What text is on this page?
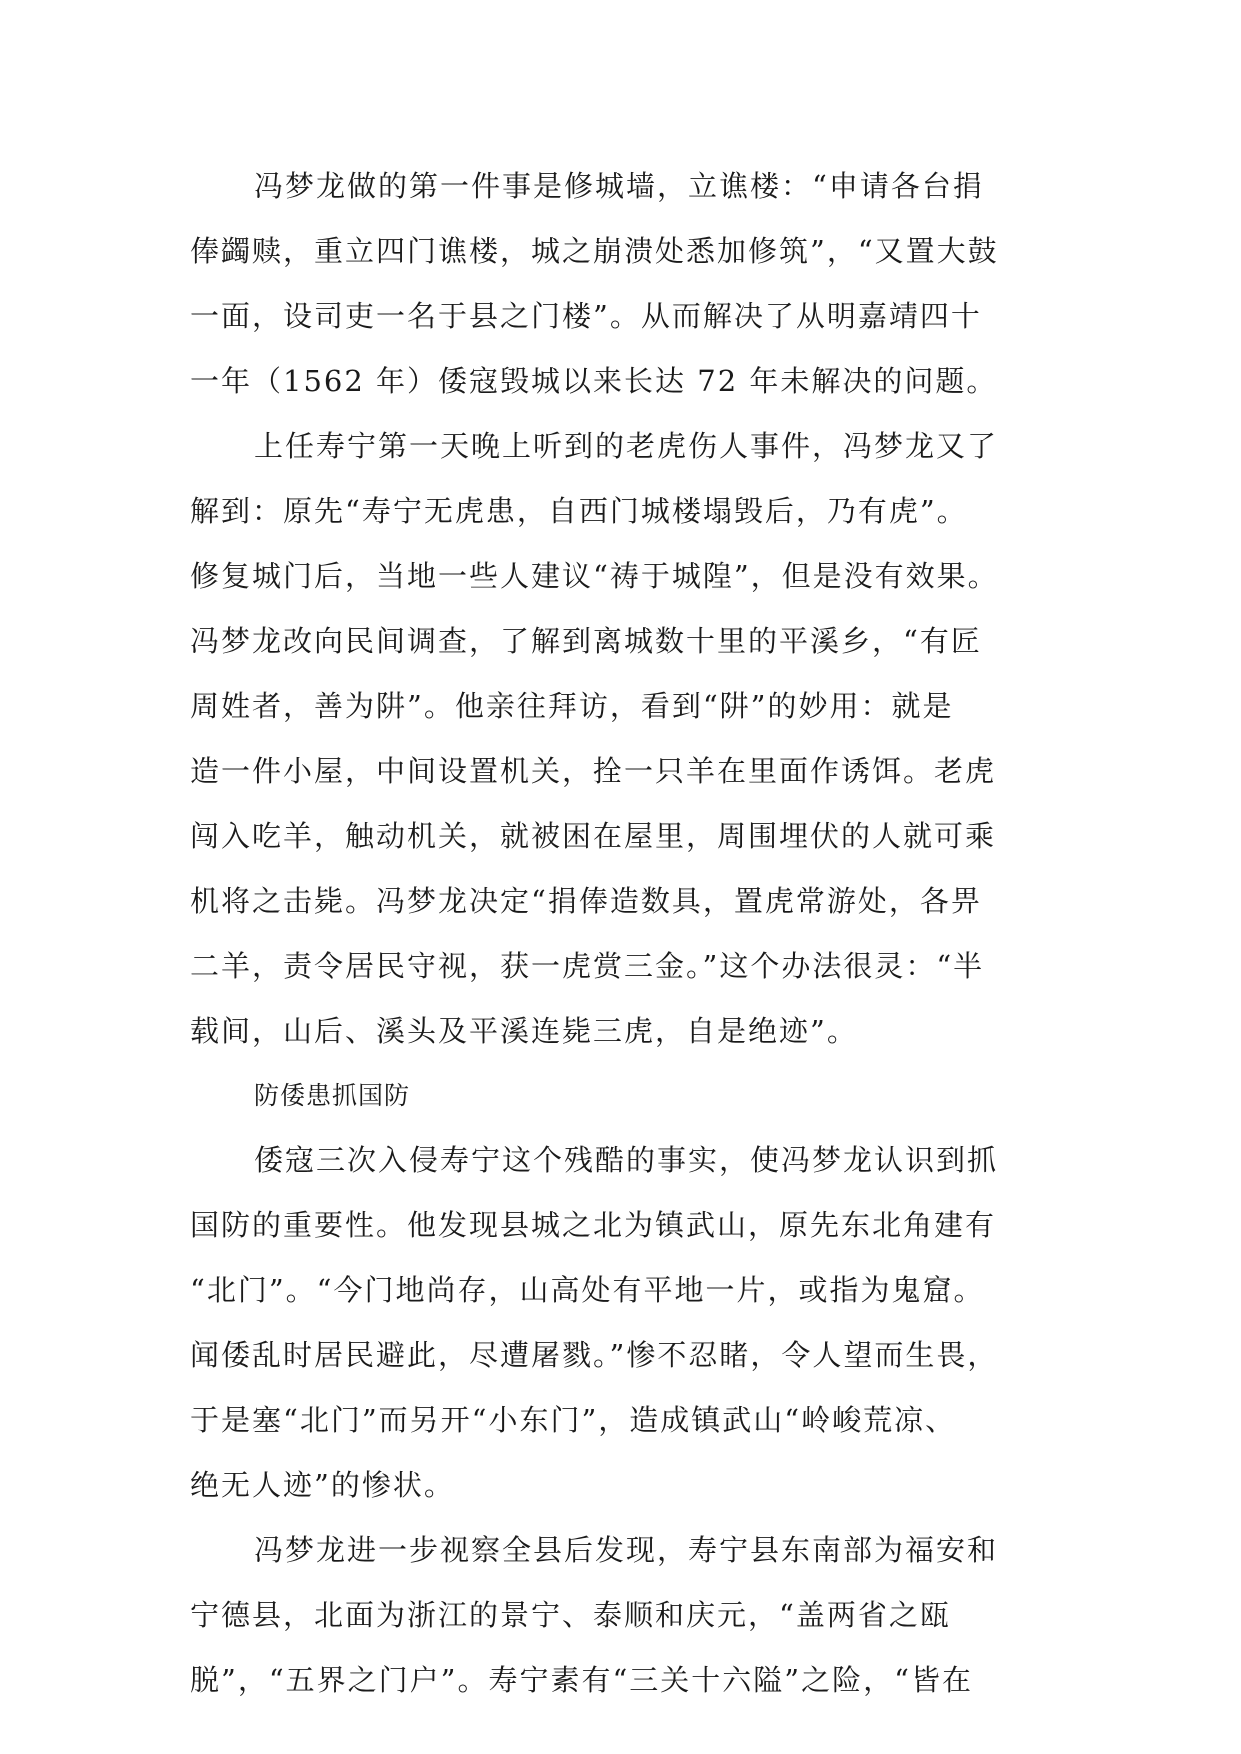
冯梦龙做的第一件事是修城墙，立谯楼：“申请各台捐
俸蠲赎，重立四门谯楼，城之崩溃处悉加修筑”，“又置大鼓
一面，设司吏一名于县之门楼”。从而解决了从明嘉靖四十
一年（1562 年）倭寇毁城以来长达 72 年未解决的问题。
上任寿宁第一天晚上听到的老虎伤人事件，冯梦龙又了
解到：原先“寿宁无虎患，自西门城楼塌毁后，乃有虎”。
修复城门后，当地一些人建议“祷于城隍”，但是没有效果。
冯梦龙改向民间调查，了解到离城数十里的平溪乡，“有匠
周姓者，善为阱”。他亲往拜访，看到“阱”的妙用：就是
造一件小屋，中间设置机关，拴一只羊在里面作诱饵。老虎
闯入吃羊，触动机关，就被困在屋里，周围埋伏的人就可乘
机将之击毙。冯梦龙决定“捐俸造数具，置虎常游处，各畀
二羊，责令居民守视，获一虎赏三金。”这个办法很灵：“半
载间，山后、溪头及平溪连毙三虎，自是绝迹”。
防倭患抓国防
倭寇三次入侵寿宁这个残酷的事实，使冯梦龙认识到抓
国防的重要性。他发现县城之北为镇武山，原先东北角建有
“北门”。“今门地尚存，山高处有平地一片，或指为鬼窟。
闻倭乱时居民避此，尽遭屠戮。”惨不忍睹，令人望而生畏，
于是塞“北门”而另开“小东门”，造成镇武山“岭峻荒凉、
绝无人迹”的惨状。
冯梦龙进一步视察全县后发现，寿宁县东南部为福安和
宁德县，北面为浙江的景宁、泰顺和庆元，“盖两省之瓯
脱”，“五界之门户”。寿宁素有“三关十六隘”之险，“皆在
